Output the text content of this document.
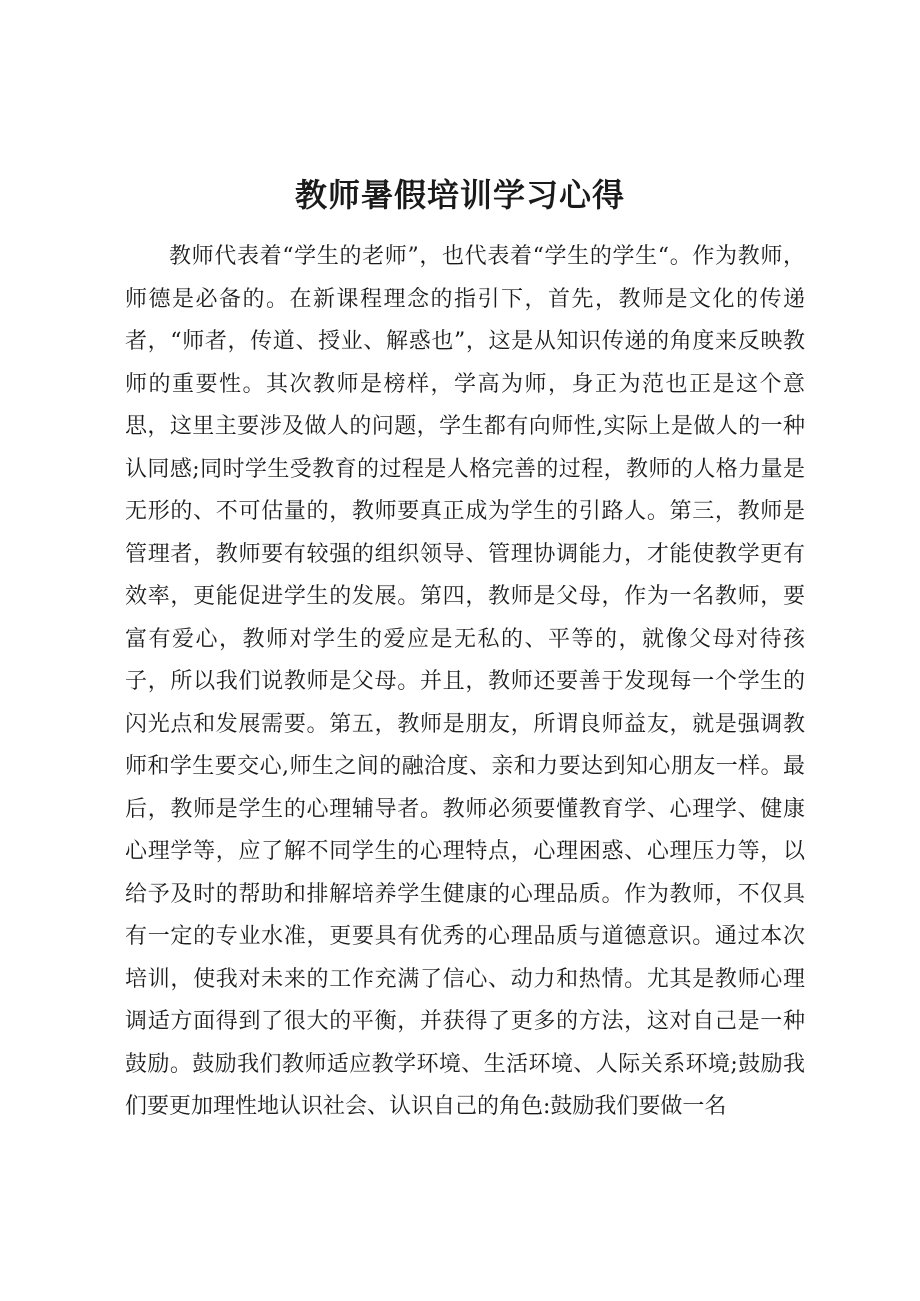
教师暑假培训学习心得

教师代表着“学生的老师”，也代表着“学生的学生“。作为教师，师德是必备的。在新课程理念的指引下，首先，教师是文化的传递者，“师者，传道、授业、解惑也”，这是从知识传递的角度来反映教师的重要性。其次教师是榜样，学高为师，身正为范也正是这个意思，这里主要涉及做人的问题，学生都有向师性,实际上是做人的一种认同感;同时学生受教育的过程是人格完善的过程，教师的人格力量是无形的、不可估量的，教师要真正成为学生的引路人。第三，教师是管理者，教师要有较强的组织领导、管理协调能力，才能使教学更有效率，更能促进学生的发展。第四，教师是父母，作为一名教师，要富有爱心，教师对学生的爱应是无私的、平等的，就像父母对待孩子，所以我们说教师是父母。并且，教师还要善于发现每一个学生的闪光点和发展需要。第五，教师是朋友，所谓良师益友，就是强调教师和学生要交心,师生之间的融洽度、亲和力要达到知心朋友一样。最后，教师是学生的心理辅导者。教师必须要懂教育学、心理学、健康心理学等，应了解不同学生的心理特点，心理困惑、心理压力等，以给予及时的帮助和排解培养学生健康的心理品质。作为教师，不仅具有一定的专业水准，更要具有优秀的心理品质与道德意识。通过本次培训，使我对未来的工作充满了信心、动力和热情。尤其是教师心理调适方面得到了很大的平衡，并获得了更多的方法，这对自己是一种鼓励。鼓励我们教师适应教学环境、生活环境、人际关系环境;鼓励我们要更加理性地认识社会、认识自己的角色:鼓励我们要做一名
